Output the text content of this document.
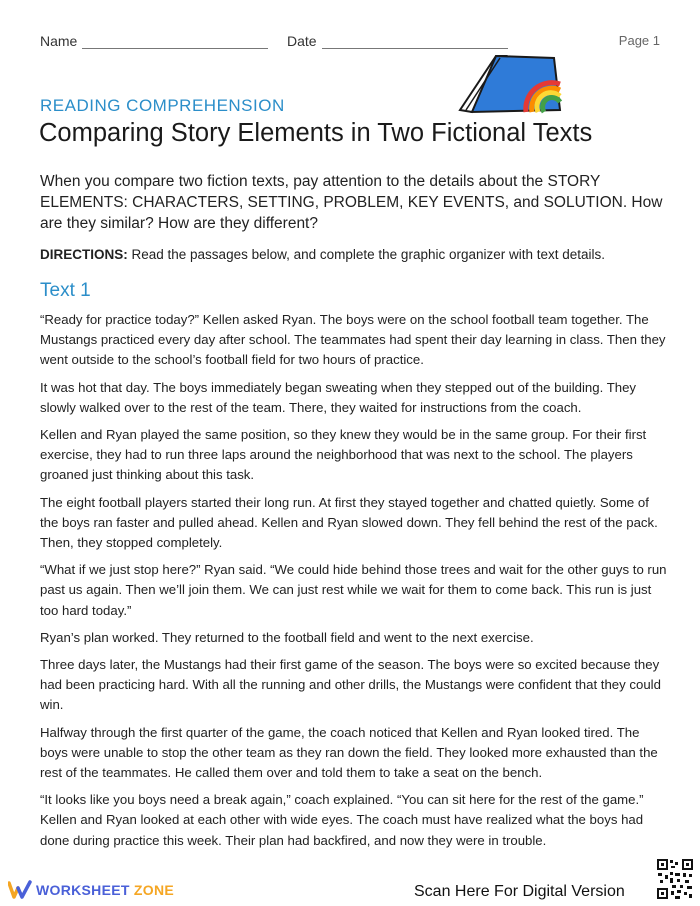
Name	Date	Page 1
READING COMPREHENSION
Comparing Story Elements in Two Fictional Texts

When you compare two fiction texts, pay attention to the details about the STORY ELEMENTS: CHARACTERS, SETTING, PROBLEM, KEY EVENTS, and SOLUTION. How are they similar? How are they different?

DIRECTIONS: Read the passages below, and complete the graphic organizer with text details.

Text 1

“Ready for practice today?” Kellen asked Ryan. The boys were on the school football team together. The Mustangs practiced every day after school. The teammates had spent their day learning in class. Then they went outside to the school’s football field for two hours of practice.

It was hot that day. The boys immediately began sweating when they stepped out of the building. They slowly walked over to the rest of the team. There, they waited for instructions from the coach.

Kellen and Ryan played the same position, so they knew they would be in the same group. For their first exercise, they had to run three laps around the neighborhood that was next to the school. The players groaned just thinking about this task.

The eight football players started their long run. At first they stayed together and chatted quietly. Some of the boys ran faster and pulled ahead. Kellen and Ryan slowed down. They fell behind the rest of the pack. Then, they stopped completely.

“What if we just stop here?” Ryan said. “We could hide behind those trees and wait for the other guys to run past us again. Then we’ll join them. We can just rest while we wait for them to come back. This run is just too hard today.”

Ryan’s plan worked. They returned to the football field and went to the next exercise.

Three days later, the Mustangs had their first game of the season. The boys were so excited because they had been practicing hard. With all the running and other drills, the Mustangs were confident that they could win.

Halfway through the first quarter of the game, the coach noticed that Kellen and Ryan looked tired. The boys were unable to stop the other team as they ran down the field. They looked more exhausted than the rest of the teammates. He called them over and told them to take a seat on the bench.

“It looks like you boys need a break again,” coach explained. “You can sit here for the rest of the game.” Kellen and Ryan looked at each other with wide eyes. The coach must have realized what the boys had done during practice this week. Their plan had backfired, and now they were in trouble.

WORKSHEET ZONE	Scan Here For Digital Version
